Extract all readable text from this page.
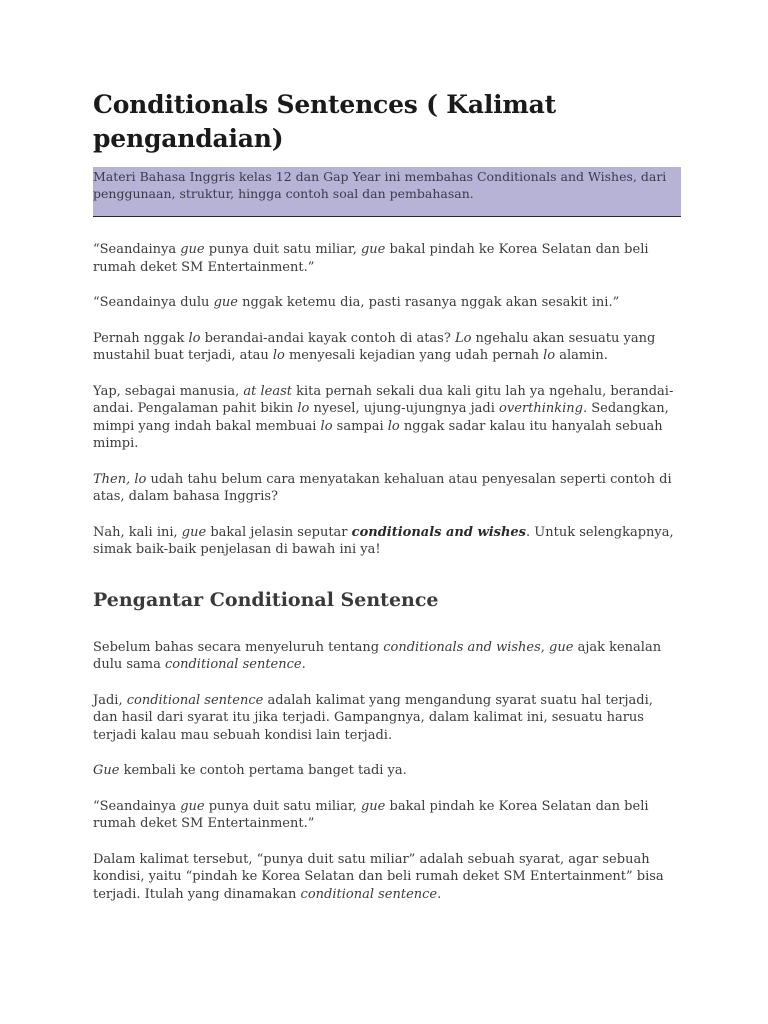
Conditionals Sentences ( Kalimat pengandaian)
Materi Bahasa Inggris kelas 12 dan Gap Year ini membahas Conditionals and Wishes, dari penggunaan, struktur, hingga contoh soal dan pembahasan.

“Seandainya gue punya duit satu miliar, gue bakal pindah ke Korea Selatan dan beli rumah deket SM Entertainment.”

“Seandainya dulu gue nggak ketemu dia, pasti rasanya nggak akan sesakit ini.”

Pernah nggak lo berandai-andai kayak contoh di atas? Lo ngehalu akan sesuatu yang mustahil buat terjadi, atau lo menyesali kejadian yang udah pernah lo alamin.

Yap, sebagai manusia, at least kita pernah sekali dua kali gitu lah ya ngehalu, berandai-andai. Pengalaman pahit bikin lo nyesel, ujung-ujungnya jadi overthinking. Sedangkan, mimpi yang indah bakal membuai lo sampai lo nggak sadar kalau itu hanyalah sebuah mimpi.

Then, lo udah tahu belum cara menyatakan kehaluan atau penyesalan seperti contoh di atas, dalam bahasa Inggris?

Nah, kali ini, gue bakal jelasin seputar conditionals and wishes. Untuk selengkapnya, simak baik-baik penjelasan di bawah ini ya!

Pengantar Conditional Sentence

Sebelum bahas secara menyeluruh tentang conditionals and wishes, gue ajak kenalan dulu sama conditional sentence.

Jadi, conditional sentence adalah kalimat yang mengandung syarat suatu hal terjadi, dan hasil dari syarat itu jika terjadi. Gampangnya, dalam kalimat ini, sesuatu harus terjadi kalau mau sebuah kondisi lain terjadi.

Gue kembali ke contoh pertama banget tadi ya.

“Seandainya gue punya duit satu miliar, gue bakal pindah ke Korea Selatan dan beli rumah deket SM Entertainment.”

Dalam kalimat tersebut, “punya duit satu miliar” adalah sebuah syarat, agar sebuah kondisi, yaitu “pindah ke Korea Selatan dan beli rumah deket SM Entertainment” bisa terjadi. Itulah yang dinamakan conditional sentence.
